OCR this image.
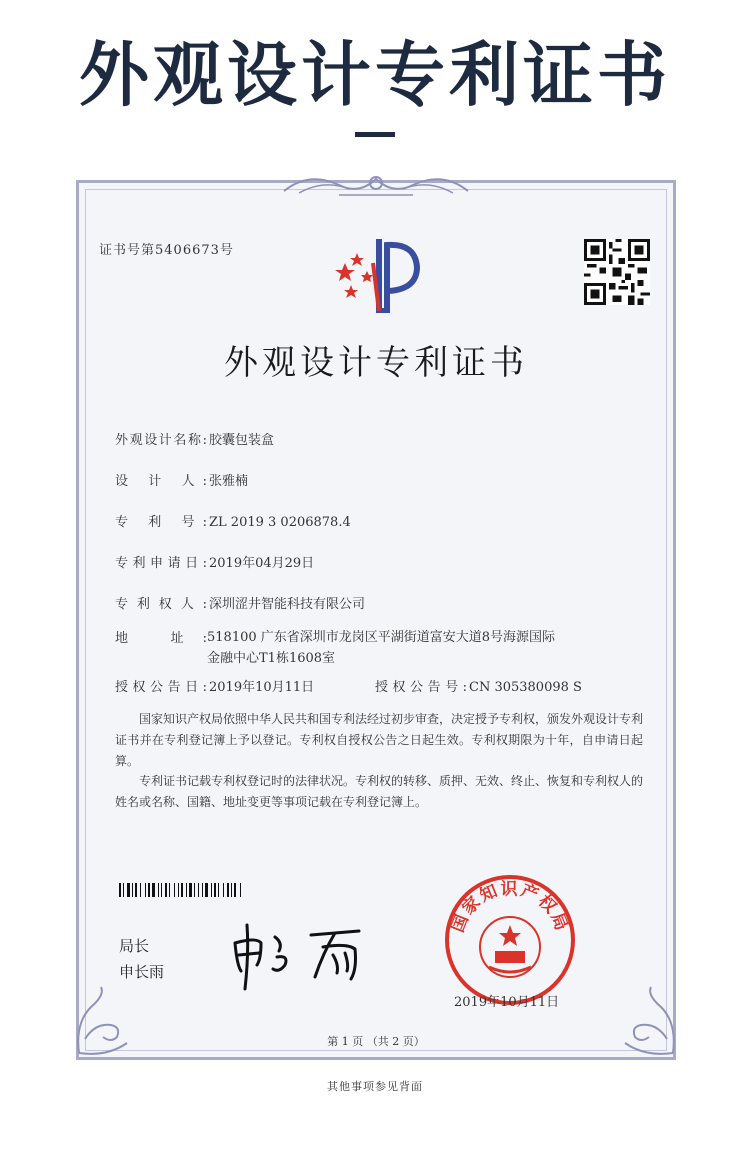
外观设计专利证书
证书号第5406673号
外观设计专利证书
外观设计名称: 胶囊包装盒
设 计 人: 张雅楠
专 利 号: ZL 2019 3 0206878.4
专利申请日: 2019年04月29日
专利权人: 深圳涩井智能科技有限公司
地 址: 518100 广东省深圳市龙岗区平湖街道富安大道8号海源国际金融中心T1栋1608室
授权公告日: 2019年10月11日	授权公告号: CN 305380098 S
国家知识产权局依照中华人民共和国专利法经过初步审查，决定授予专利权，颁发外观设计专利证书并在专利登记簿上予以登记。专利权自授权公告之日起生效。专利权期限为十年，自申请日起算。
专利证书记载专利权登记时的法律状况。专利权的转移、质押、无效、终止、恢复和专利权人的姓名或名称、国籍、地址变更等事项记载在专利登记簿上。
局长
申长雨
国家知识产权局
2019年10月11日
第 1 页 （共 2 页）
其他事项参见背面
